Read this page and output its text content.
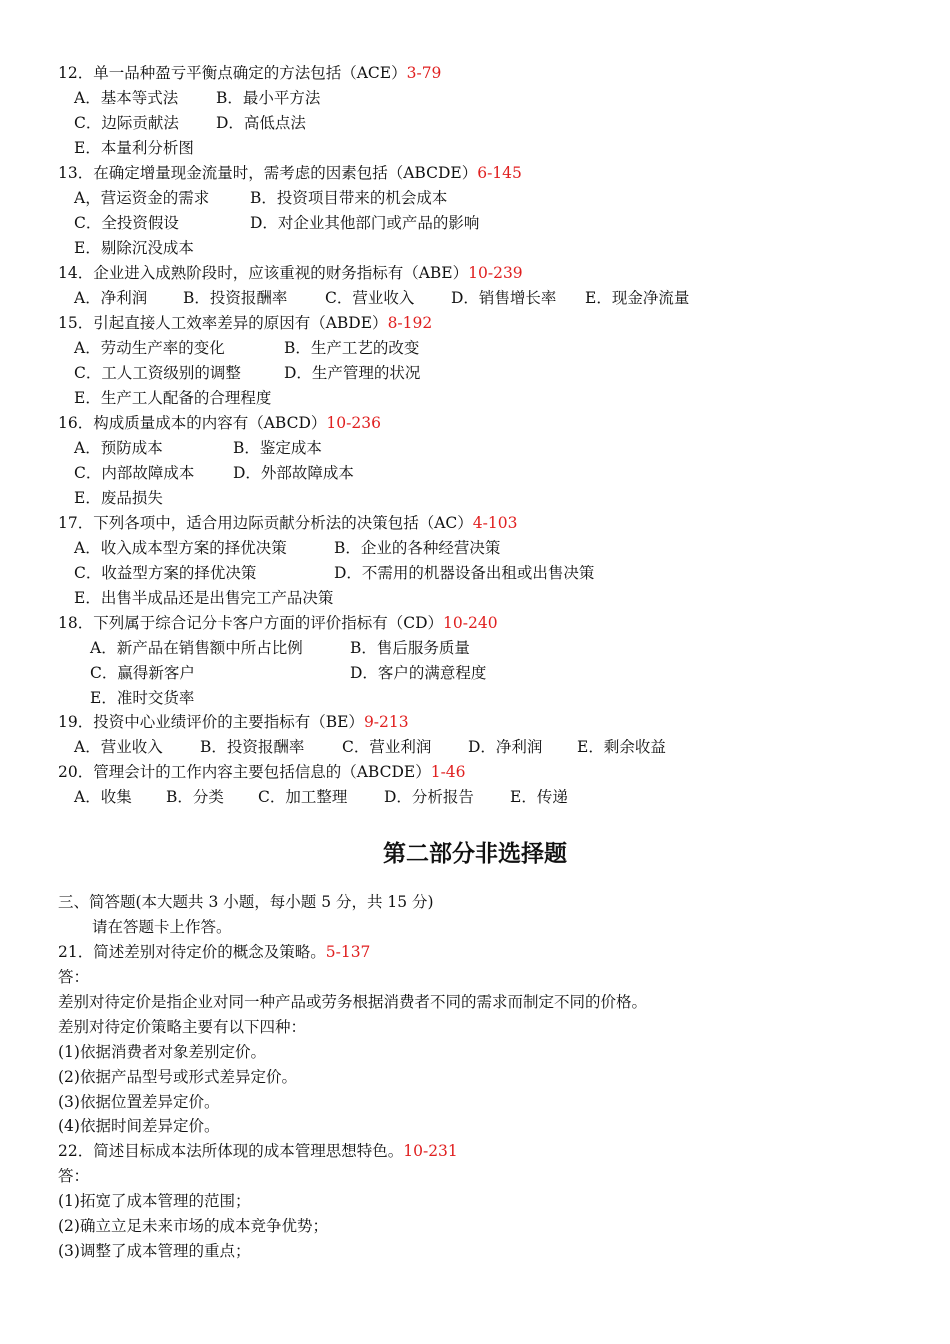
12．单一品种盈亏平衡点确定的方法包括（ACE）3-79
A．基本等式法 B．最小平方法
C．边际贡献法 D．高低点法
E．本量利分析图
13．在确定增量现金流量时，需考虑的因素包括（ABCDE）6-145
A，营运资金的需求	B．投资项目带来的机会成本
C．全投资假设	D．对企业其他部门或产品的影响
E．剔除沉没成本
14．企业进入成熟阶段时，应该重视的财务指标有（ABE）10-239
A．净利润 B．投资报酬率 C．营业收入 D．销售增长率 E．现金净流量
15．引起直接人工效率差异的原因有（ABDE）8-192
A．劳动生产率的变化	B．生产工艺的改变
C．工人工资级别的调整	D．生产管理的状况
E．生产工人配备的合理程度
16．构成质量成本的内容有（ABCD）10-236
A．预防成本	B．鉴定成本
C．内部故障成本 D．外部故障成本
E．废品损失
17．下列各项中，适合用边际贡献分析法的决策包括（AC）4-103
A．收入成本型方案的择优决策	B．企业的各种经营决策
C．收益型方案的择优决策	D．不需用的机器设备出租或出售决策
E．出售半成品还是出售完工产品决策
18．下列属于综合记分卡客户方面的评价指标有（CD）10-240
A．新产品在销售额中所占比例	B．售后服务质量
C．赢得新客户	D．客户的满意程度
E．准时交货率
19．投资中心业绩评价的主要指标有（BE）9-213
A．营业收入 B．投资报酬率 C．营业利润 D．净利润 E．剩余收益
20．管理会计的工作内容主要包括信息的（ABCDE）1-46
A．收集 B．分类 C．加工整理 D．分析报告 E．传递
第二部分非选择题
三、简答题(本大题共 3 小题，每小题 5 分，共 15 分)
请在答题卡上作答。
21．简述差别对待定价的概念及策略。5-137
答：
差别对待定价是指企业对同一种产品或劳务根据消费者不同的需求而制定不同的价格。
差别对待定价策略主要有以下四种：
(1)依据消费者对象差别定价。
(2)依据产品型号或形式差异定价。
(3)依据位置差异定价。
(4)依据时间差异定价。
22．简述目标成本法所体现的成本管理思想特色。10-231
答：
(1)拓宽了成本管理的范围；
(2)确立立足未来市场的成本竞争优势；
(3)调整了成本管理的重点；
